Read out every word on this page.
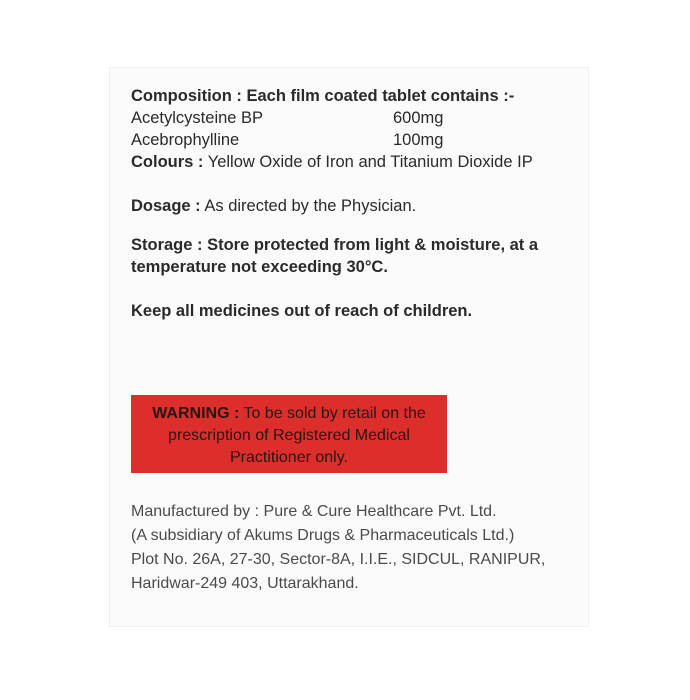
Composition : Each film coated tablet contains :-
Acetylcysteine BP	600mg
Acebrophylline	100mg
Colours : Yellow Oxide of Iron and Titanium Dioxide IP
Dosage : As directed by the Physician.
Storage : Store protected from light & moisture, at a
temperature not exceeding 30°C.
Keep all medicines out of reach of children.
WARNING : To be sold by retail on the
prescription of Registered Medical
Practitioner only.
Manufactured by : Pure & Cure Healthcare Pvt. Ltd.
(A subsidiary of Akums Drugs & Pharmaceuticals Ltd.)
Plot No. 26A, 27-30, Sector-8A, I.I.E., SIDCUL, RANIPUR,
Haridwar-249 403, Uttarakhand.
